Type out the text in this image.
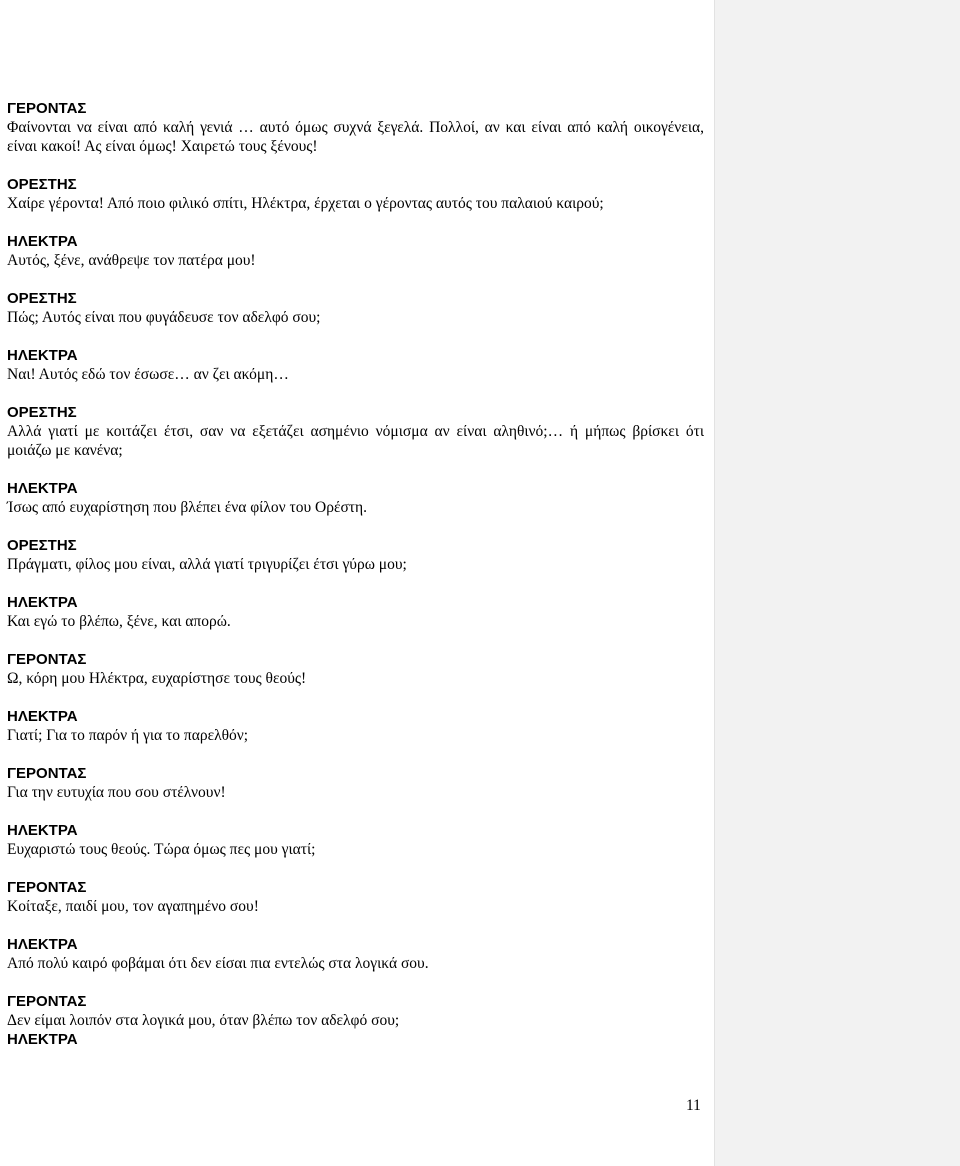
ΓΕΡΟΝΤΑΣ
Φαίνονται να είναι από καλή γενιά … αυτό όμως συχνά ξεγελά. Πολλοί, αν και είναι από καλή οικογένεια, είναι κακοί! Ας είναι όμως! Χαιρετώ τους ξένους!
ΟΡΕΣΤΗΣ
Χαίρε γέροντα! Από ποιο φιλικό σπίτι, Ηλέκτρα, έρχεται ο γέροντας αυτός του παλαιού καιρού;
ΗΛΕΚΤΡΑ
Αυτός, ξένε, ανάθρεψε τον πατέρα μου!
ΟΡΕΣΤΗΣ
Πώς; Αυτός είναι που φυγάδευσε τον αδελφό σου;
ΗΛΕΚΤΡΑ
Ναι! Αυτός εδώ τον έσωσε… αν ζει ακόμη…
ΟΡΕΣΤΗΣ
Αλλά γιατί με κοιτάζει έτσι, σαν να εξετάζει ασημένιο νόμισμα αν είναι αληθινό;… ή μήπως βρίσκει ότι μοιάζω με κανένα;
ΗΛΕΚΤΡΑ
Ίσως από ευχαρίστηση που βλέπει ένα φίλον του Ορέστη.
ΟΡΕΣΤΗΣ
Πράγματι, φίλος μου είναι, αλλά γιατί τριγυρίζει έτσι γύρω μου;
ΗΛΕΚΤΡΑ
Και εγώ το βλέπω, ξένε, και απορώ.
ΓΕΡΟΝΤΑΣ
Ω, κόρη μου Ηλέκτρα, ευχαρίστησε τους θεούς!
ΗΛΕΚΤΡΑ
Γιατί; Για το παρόν ή για το παρελθόν;
ΓΕΡΟΝΤΑΣ
Για την ευτυχία που σου στέλνουν!
ΗΛΕΚΤΡΑ
Ευχαριστώ τους θεούς. Τώρα όμως πες μου γιατί;
ΓΕΡΟΝΤΑΣ
Κοίταξε, παιδί μου, τον αγαπημένο σου!
ΗΛΕΚΤΡΑ
Από πολύ καιρό φοβάμαι ότι δεν είσαι πια εντελώς στα λογικά σου.
ΓΕΡΟΝΤΑΣ
Δεν είμαι λοιπόν στα λογικά μου, όταν βλέπω τον αδελφό σου;
ΗΛΕΚΤΡΑ
11
